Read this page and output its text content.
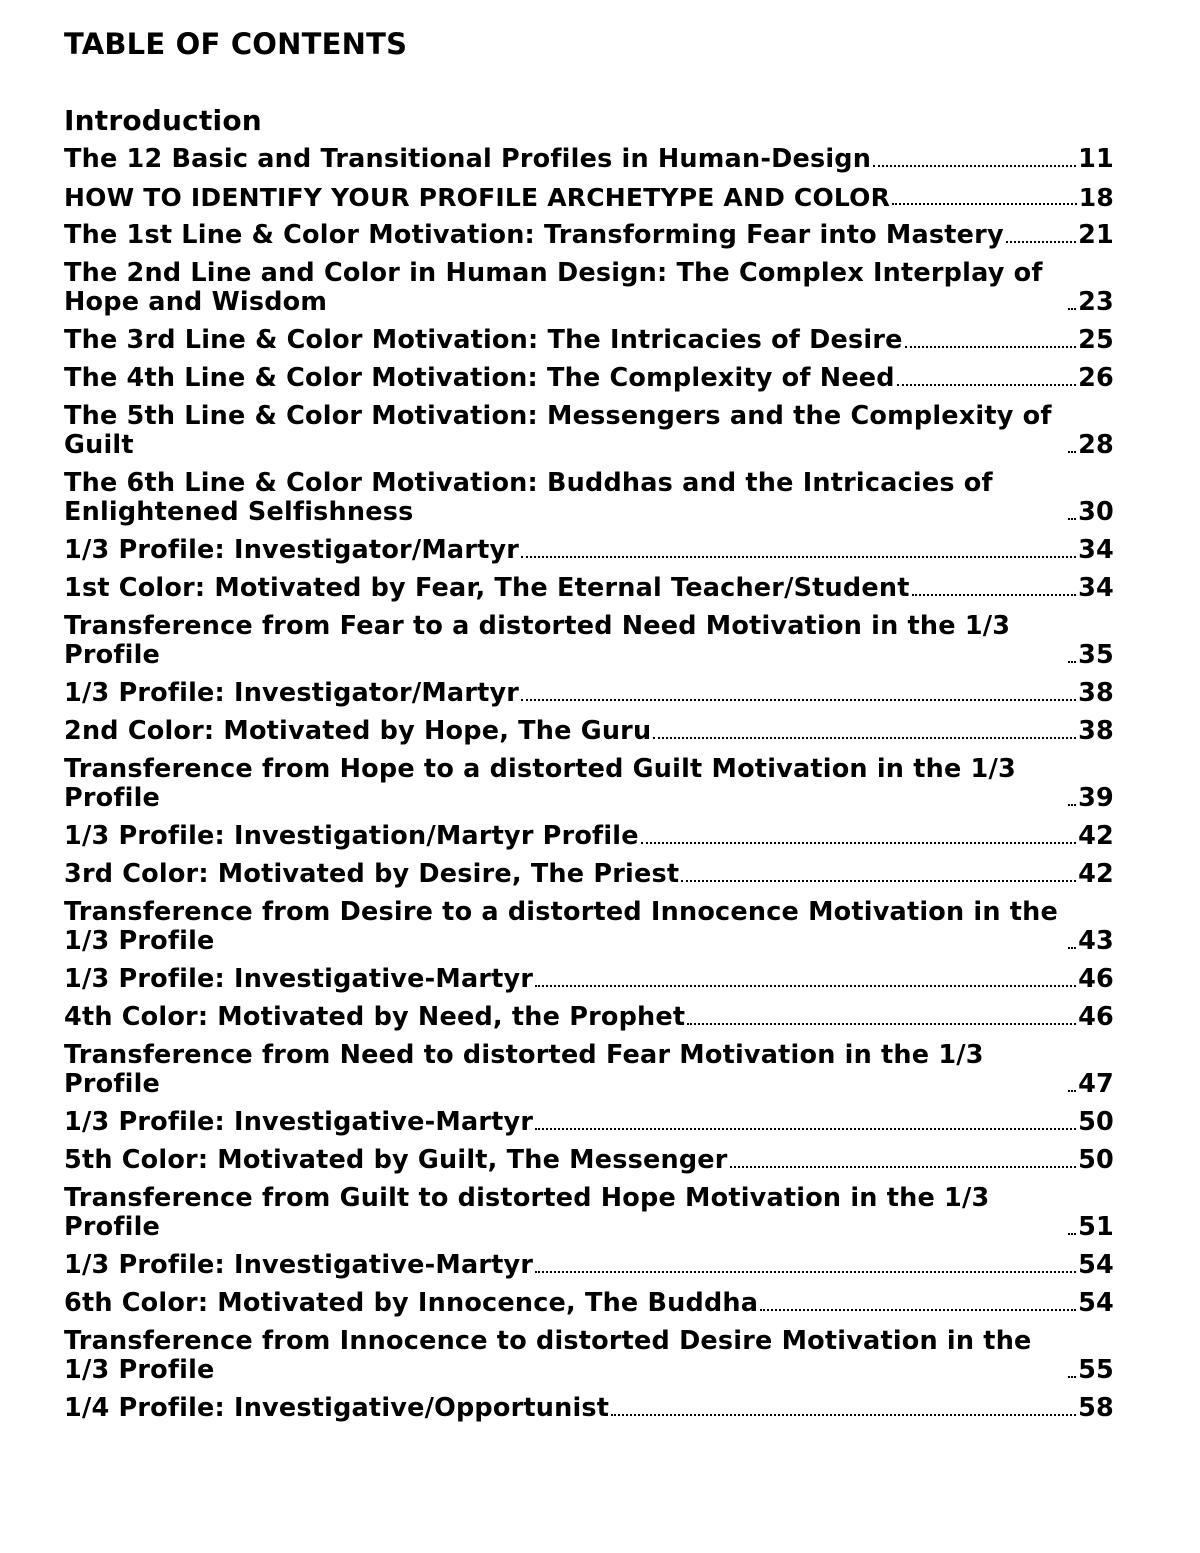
TABLE OF CONTENTS
Introduction
The 12 Basic and Transitional Profiles in Human-Design	11
HOW TO IDENTIFY YOUR PROFILE ARCHETYPE AND COLOR	18
The 1st Line & Color Motivation: Transforming Fear into Mastery	21
The 2nd Line and Color in Human Design: The Complex Interplay of Hope and Wisdom	23
The 3rd Line & Color Motivation: The Intricacies of Desire	25
The 4th Line & Color Motivation: The Complexity of Need	26
The 5th Line & Color Motivation: Messengers and the Complexity of Guilt	28
The 6th Line & Color Motivation: Buddhas and the Intricacies of Enlightened Selfishness	30
1/3 Profile: Investigator/Martyr	34
1st Color: Motivated by Fear, The Eternal Teacher/Student	34
Transference from Fear to a distorted Need Motivation in the 1/3 Profile	35
1/3 Profile: Investigator/Martyr	38
2nd Color: Motivated by Hope, The Guru	38
Transference from Hope to a distorted Guilt Motivation in the 1/3 Profile	39
1/3 Profile: Investigation/Martyr Profile	42
3rd Color: Motivated by Desire, The Priest	42
Transference from Desire to a distorted Innocence Motivation in the 1/3 Profile	43
1/3 Profile: Investigative-Martyr	46
4th Color: Motivated by Need, the Prophet	46
Transference from Need to distorted Fear Motivation in the 1/3 Profile	47
1/3 Profile: Investigative-Martyr	50
5th Color: Motivated by Guilt, The Messenger	50
Transference from Guilt to distorted Hope Motivation in the 1/3 Profile	51
1/3 Profile: Investigative-Martyr	54
6th Color: Motivated by Innocence, The Buddha	54
Transference from Innocence to distorted Desire Motivation in the 1/3 Profile	55
1/4 Profile: Investigative/Opportunist	58
